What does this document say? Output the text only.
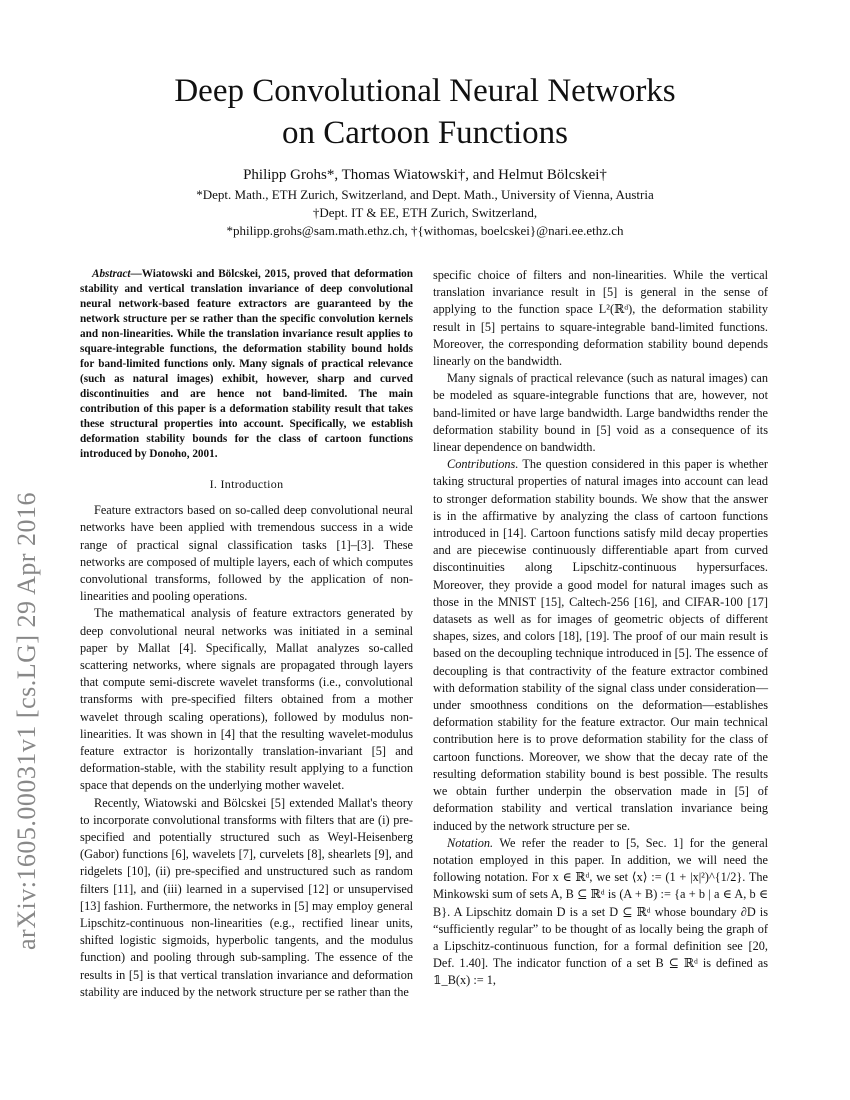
arXiv:1605.00031v1 [cs.LG] 29 Apr 2016
Deep Convolutional Neural Networks
on Cartoon Functions
Philipp Grohs*, Thomas Wiatowski†, and Helmut Bölcskei†
*Dept. Math., ETH Zurich, Switzerland, and Dept. Math., University of Vienna, Austria
†Dept. IT & EE, ETH Zurich, Switzerland,
*philipp.grohs@sam.math.ethz.ch, †{withomas, boelcskei}@nari.ee.ethz.ch

Abstract—Wiatowski and Bölcskei, 2015, proved that deformation stability and vertical translation invariance of deep convolutional neural network-based feature extractors are guaranteed by the network structure per se rather than the specific convolution kernels and non-linearities. While the translation invariance result applies to square-integrable functions, the deformation stability bound holds for band-limited functions only. Many signals of practical relevance (such as natural images) exhibit, however, sharp and curved discontinuities and are hence not band-limited. The main contribution of this paper is a deformation stability result that takes these structural properties into account. Specifically, we establish deformation stability bounds for the class of cartoon functions introduced by Donoho, 2001.

I. Introduction

Feature extractors based on so-called deep convolutional neural networks have been applied with tremendous success in a wide range of practical signal classification tasks [1]–[3]. These networks are composed of multiple layers, each of which computes convolutional transforms, followed by the application of non-linearities and pooling operations.

The mathematical analysis of feature extractors generated by deep convolutional neural networks was initiated in a seminal paper by Mallat [4]. Specifically, Mallat analyzes so-called scattering networks, where signals are propagated through layers that compute semi-discrete wavelet transforms (i.e., convolutional transforms with pre-specified filters obtained from a mother wavelet through scaling operations), followed by modulus non-linearities. It was shown in [4] that the resulting wavelet-modulus feature extractor is horizontally translation-invariant [5] and deformation-stable, with the stability result applying to a function space that depends on the underlying mother wavelet.

Recently, Wiatowski and Bölcskei [5] extended Mallat's theory to incorporate convolutional transforms with filters that are (i) pre-specified and potentially structured such as Weyl-Heisenberg (Gabor) functions [6], wavelets [7], curvelets [8], shearlets [9], and ridgelets [10], (ii) pre-specified and unstructured such as random filters [11], and (iii) learned in a supervised [12] or unsupervised [13] fashion. Furthermore, the networks in [5] may employ general Lipschitz-continuous non-linearities (e.g., rectified linear units, shifted logistic sigmoids, hyperbolic tangents, and the modulus function) and pooling through sub-sampling. The essence of the results in [5] is that vertical translation invariance and deformation stability are induced by the network structure per se rather than the

specific choice of filters and non-linearities. While the vertical translation invariance result in [5] is general in the sense of applying to the function space L²(ℝᵈ), the deformation stability result in [5] pertains to square-integrable band-limited functions. Moreover, the corresponding deformation stability bound depends linearly on the bandwidth.

Many signals of practical relevance (such as natural images) can be modeled as square-integrable functions that are, however, not band-limited or have large bandwidth. Large bandwidths render the deformation stability bound in [5] void as a consequence of its linear dependence on bandwidth.

Contributions. The question considered in this paper is whether taking structural properties of natural images into account can lead to stronger deformation stability bounds. We show that the answer is in the affirmative by analyzing the class of cartoon functions introduced in [14]. Cartoon functions satisfy mild decay properties and are piecewise continuously differentiable apart from curved discontinuities along Lipschitz-continuous hypersurfaces. Moreover, they provide a good model for natural images such as those in the MNIST [15], Caltech-256 [16], and CIFAR-100 [17] datasets as well as for images of geometric objects of different shapes, sizes, and colors [18], [19]. The proof of our main result is based on the decoupling technique introduced in [5]. The essence of decoupling is that contractivity of the feature extractor combined with deformation stability of the signal class under consideration—under smoothness conditions on the deformation—establishes deformation stability for the feature extractor. Our main technical contribution here is to prove deformation stability for the class of cartoon functions. Moreover, we show that the decay rate of the resulting deformation stability bound is best possible. The results we obtain further underpin the observation made in [5] of deformation stability and vertical translation invariance being induced by the network structure per se.

Notation. We refer the reader to [5, Sec. 1] for the general notation employed in this paper. In addition, we will need the following notation. For x ∈ ℝᵈ, we set ⟨x⟩ := (1 + |x|²)^{1/2}. The Minkowski sum of sets A, B ⊆ ℝᵈ is (A + B) := {a + b | a ∈ A, b ∈ B}. A Lipschitz domain D is a set D ⊆ ℝᵈ whose boundary ∂D is “sufficiently regular” to be thought of as locally being the graph of a Lipschitz-continuous function, for a formal definition see [20, Def. 1.40]. The indicator function of a set B ⊆ ℝᵈ is defined as 𝟙_B(x) := 1,
